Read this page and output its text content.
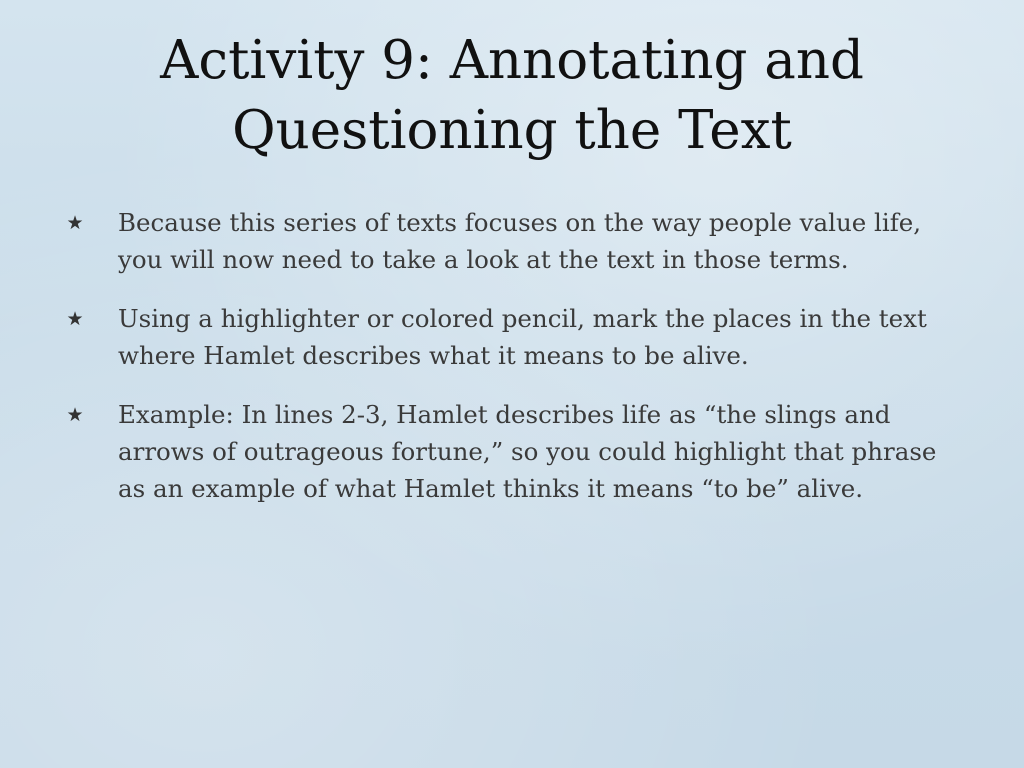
Activity 9: Annotating and Questioning the Text
★ Because this series of texts focuses on the way people value life, you will now need to take a look at the text in those terms.
★ Using a highlighter or colored pencil, mark the places in the text where Hamlet describes what it means to be alive.
★ Example: In lines 2-3, Hamlet describes life as “the slings and arrows of outrageous fortune,” so you could highlight that phrase as an example of what Hamlet thinks it means “to be” alive.
